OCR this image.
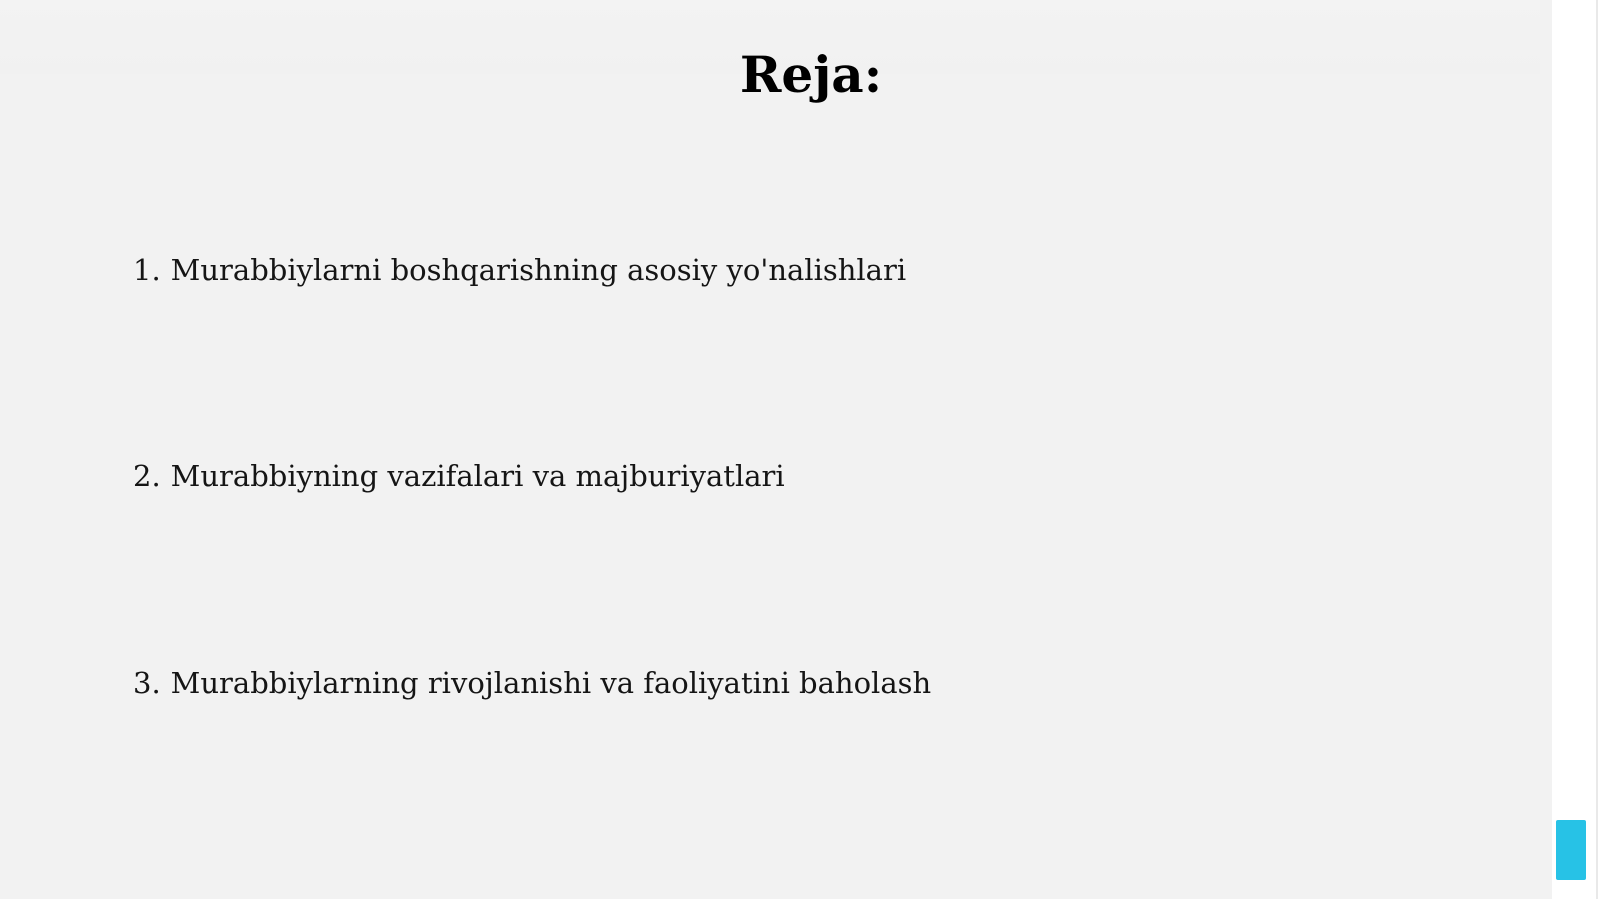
Reja:

1. Murabbiylarni boshqarishning asosiy yo'nalishlari

2. Murabbiyning vazifalari va majburiyatlari

3. Murabbiylarning rivojlanishi va faoliyatini baholash
